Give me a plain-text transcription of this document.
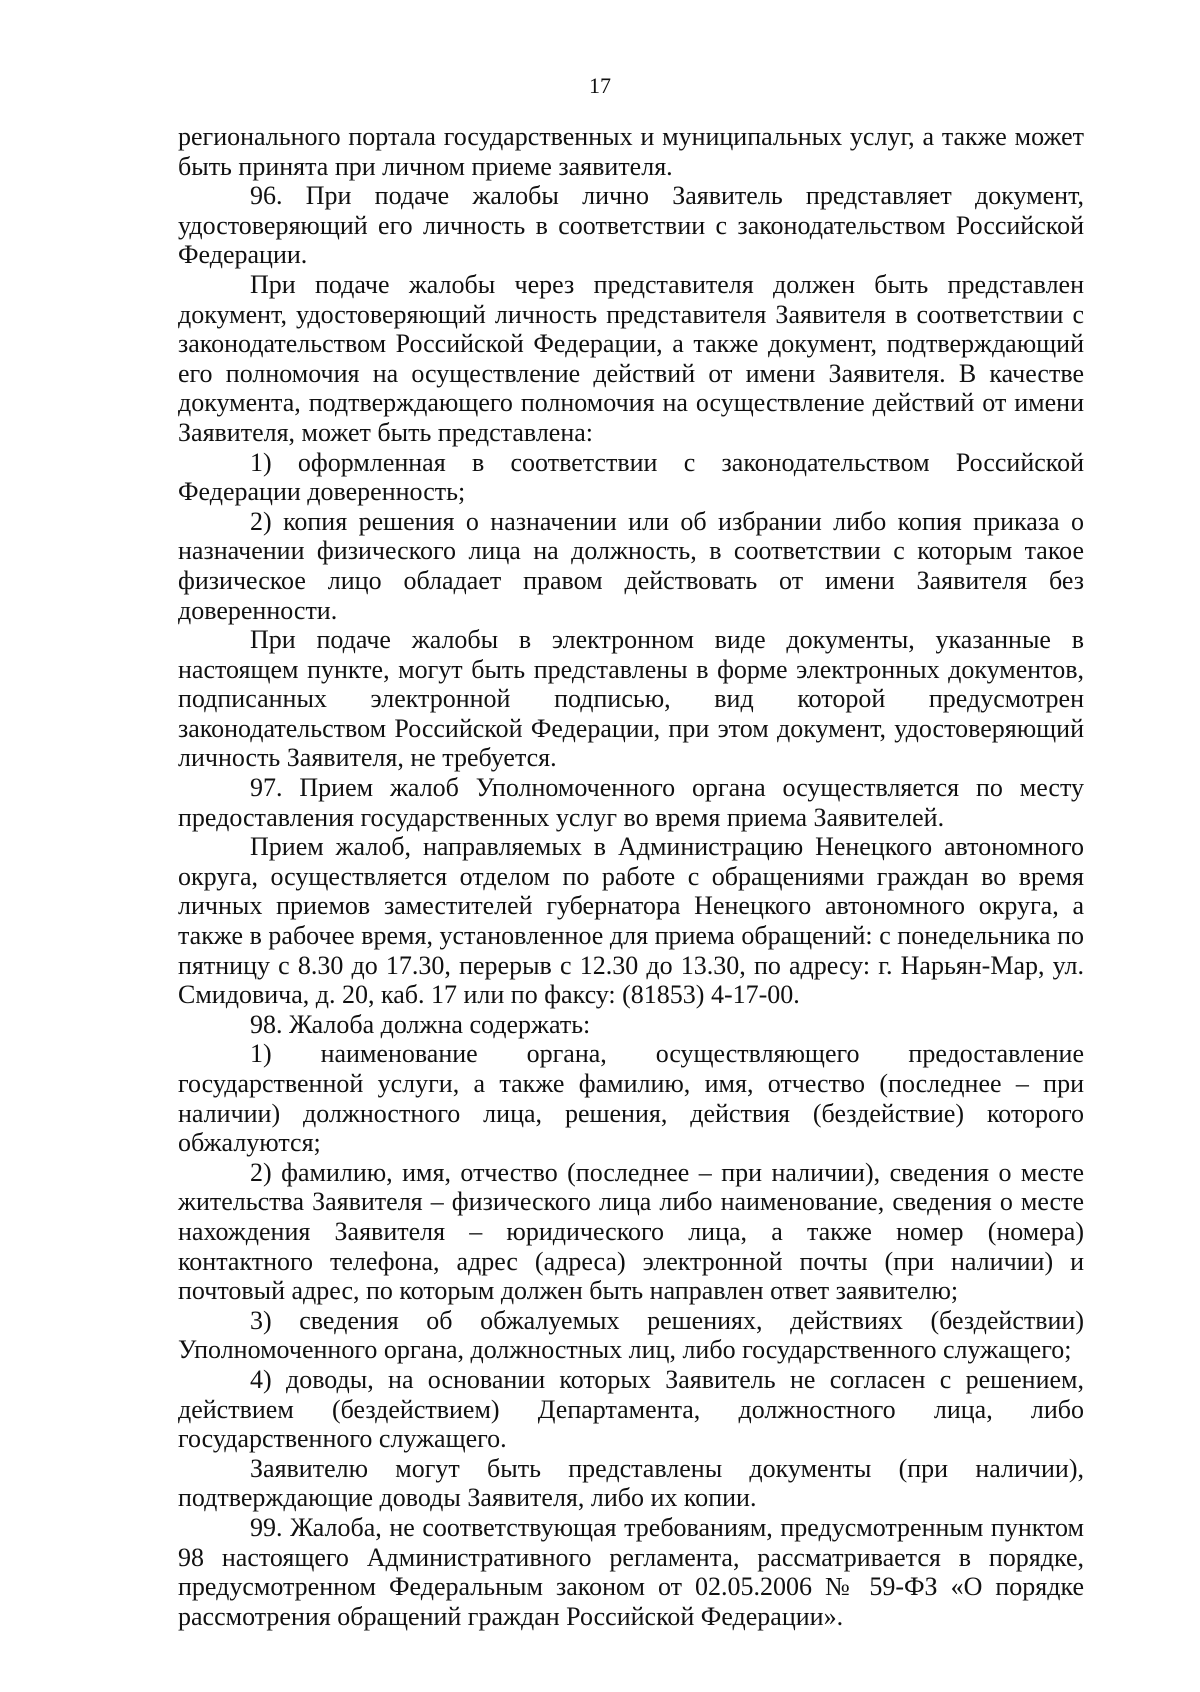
17

регионального портала государственных и муниципальных услуг, а также может быть принята при личном приеме заявителя.

96. При подаче жалобы лично Заявитель представляет документ, удостоверяющий его личность в соответствии с законодательством Российской Федерации.

При подаче жалобы через представителя должен быть представлен документ, удостоверяющий личность представителя Заявителя в соответствии с законодательством Российской Федерации, а также документ, подтверждающий его полномочия на осуществление действий от имени Заявителя. В качестве документа, подтверждающего полномочия на осуществление действий от имени Заявителя, может быть представлена:

1) оформленная в соответствии с законодательством Российской Федерации доверенность;

2) копия решения о назначении или об избрании либо копия приказа о назначении физического лица на должность, в соответствии с которым такое физическое лицо обладает правом действовать от имени Заявителя без доверенности.

При подаче жалобы в электронном виде документы, указанные в настоящем пункте, могут быть представлены в форме электронных документов, подписанных электронной подписью, вид которой предусмотрен законодательством Российской Федерации, при этом документ, удостоверяющий личность Заявителя, не требуется.

97. Прием жалоб Уполномоченного органа осуществляется по месту предоставления государственных услуг во время приема Заявителей.

Прием жалоб, направляемых в Администрацию Ненецкого автономного округа, осуществляется отделом по работе с обращениями граждан во время личных приемов заместителей губернатора Ненецкого автономного округа, а также в рабочее время, установленное для приема обращений: с понедельника по пятницу с 8.30 до 17.30, перерыв с 12.30 до 13.30, по адресу: г. Нарьян-Мар, ул. Смидовича, д. 20, каб. 17 или по факсу: (81853) 4-17-00.

98. Жалоба должна содержать:

1) наименование органа, осуществляющего предоставление государственной услуги, а также фамилию, имя, отчество (последнее – при наличии) должностного лица, решения, действия (бездействие) которого обжалуются;

2) фамилию, имя, отчество (последнее – при наличии), сведения о месте жительства Заявителя – физического лица либо наименование, сведения о месте нахождения Заявителя – юридического лица, а также номер (номера) контактного телефона, адрес (адреса) электронной почты (при наличии) и почтовый адрес, по которым должен быть направлен ответ заявителю;

3) сведения об обжалуемых решениях, действиях (бездействии) Уполномоченного органа, должностных лиц, либо государственного служащего;

4) доводы, на основании которых Заявитель не согласен с решением, действием (бездействием) Департамента, должностного лица, либо государственного служащего.

Заявителю могут быть представлены документы (при наличии), подтверждающие доводы Заявителя, либо их копии.

99. Жалоба, не соответствующая требованиям, предусмотренным пунктом 98 настоящего Административного регламента, рассматривается в порядке, предусмотренном Федеральным законом от 02.05.2006 № 59-ФЗ «О порядке рассмотрения обращений граждан Российской Федерации».
